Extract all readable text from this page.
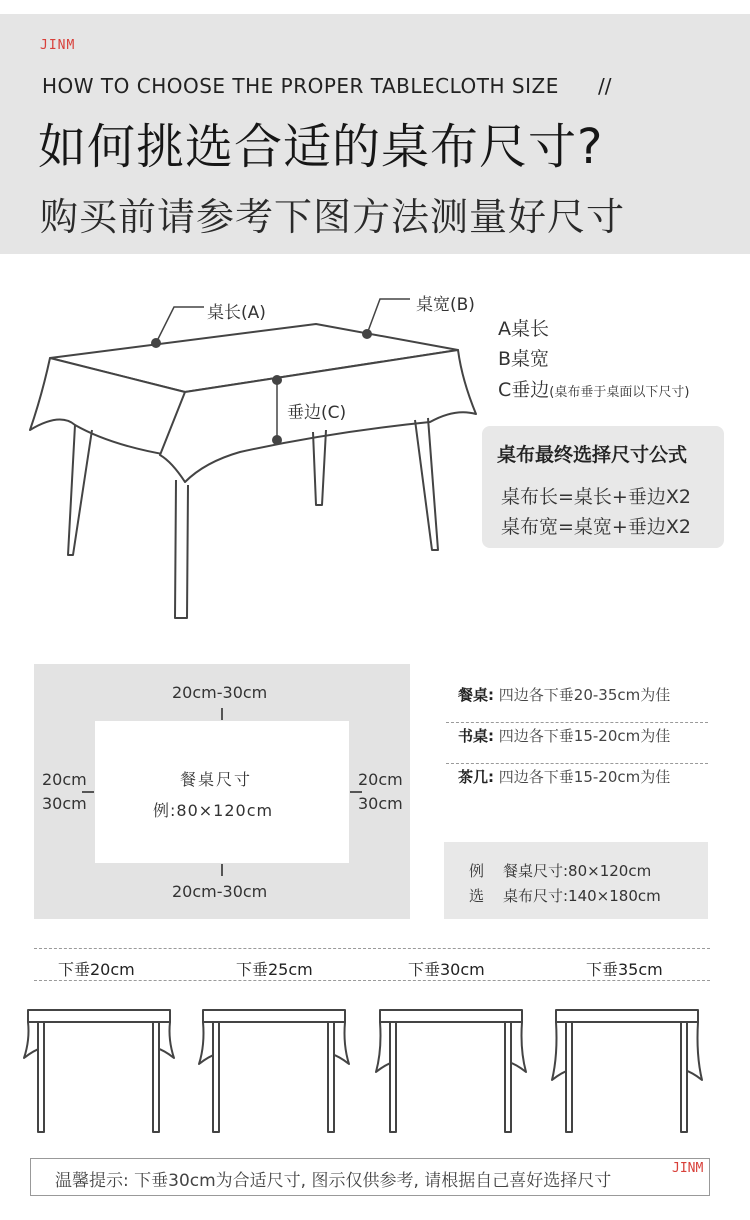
JINM
HOW TO CHOOSE THE PROPER TABLECLOTH SIZE //
如何挑选合适的桌布尺寸?
购买前请参考下图方法测量好尺寸
桌长(A)	桌宽(B)
垂边(C)
A桌长
B桌宽
C垂边(桌布垂于桌面以下尺寸)
桌布最终选择尺寸公式
桌布长=桌长+垂边X2
桌布宽=桌宽+垂边X2
20cm-30cm
20cm-30cm
20cm
30cm
20cm
30cm
餐桌尺寸
例:80×120cm
餐桌: 四边各下垂20-35cm为佳
书桌: 四边各下垂15-20cm为佳
茶几: 四边各下垂15-20cm为佳
例 餐桌尺寸:80×120cm
选 桌布尺寸:140×180cm
下垂20cm	下垂25cm	下垂30cm	下垂35cm
温馨提示: 下垂30cm为合适尺寸, 图示仅供参考, 请根据自己喜好选择尺寸
JINM
